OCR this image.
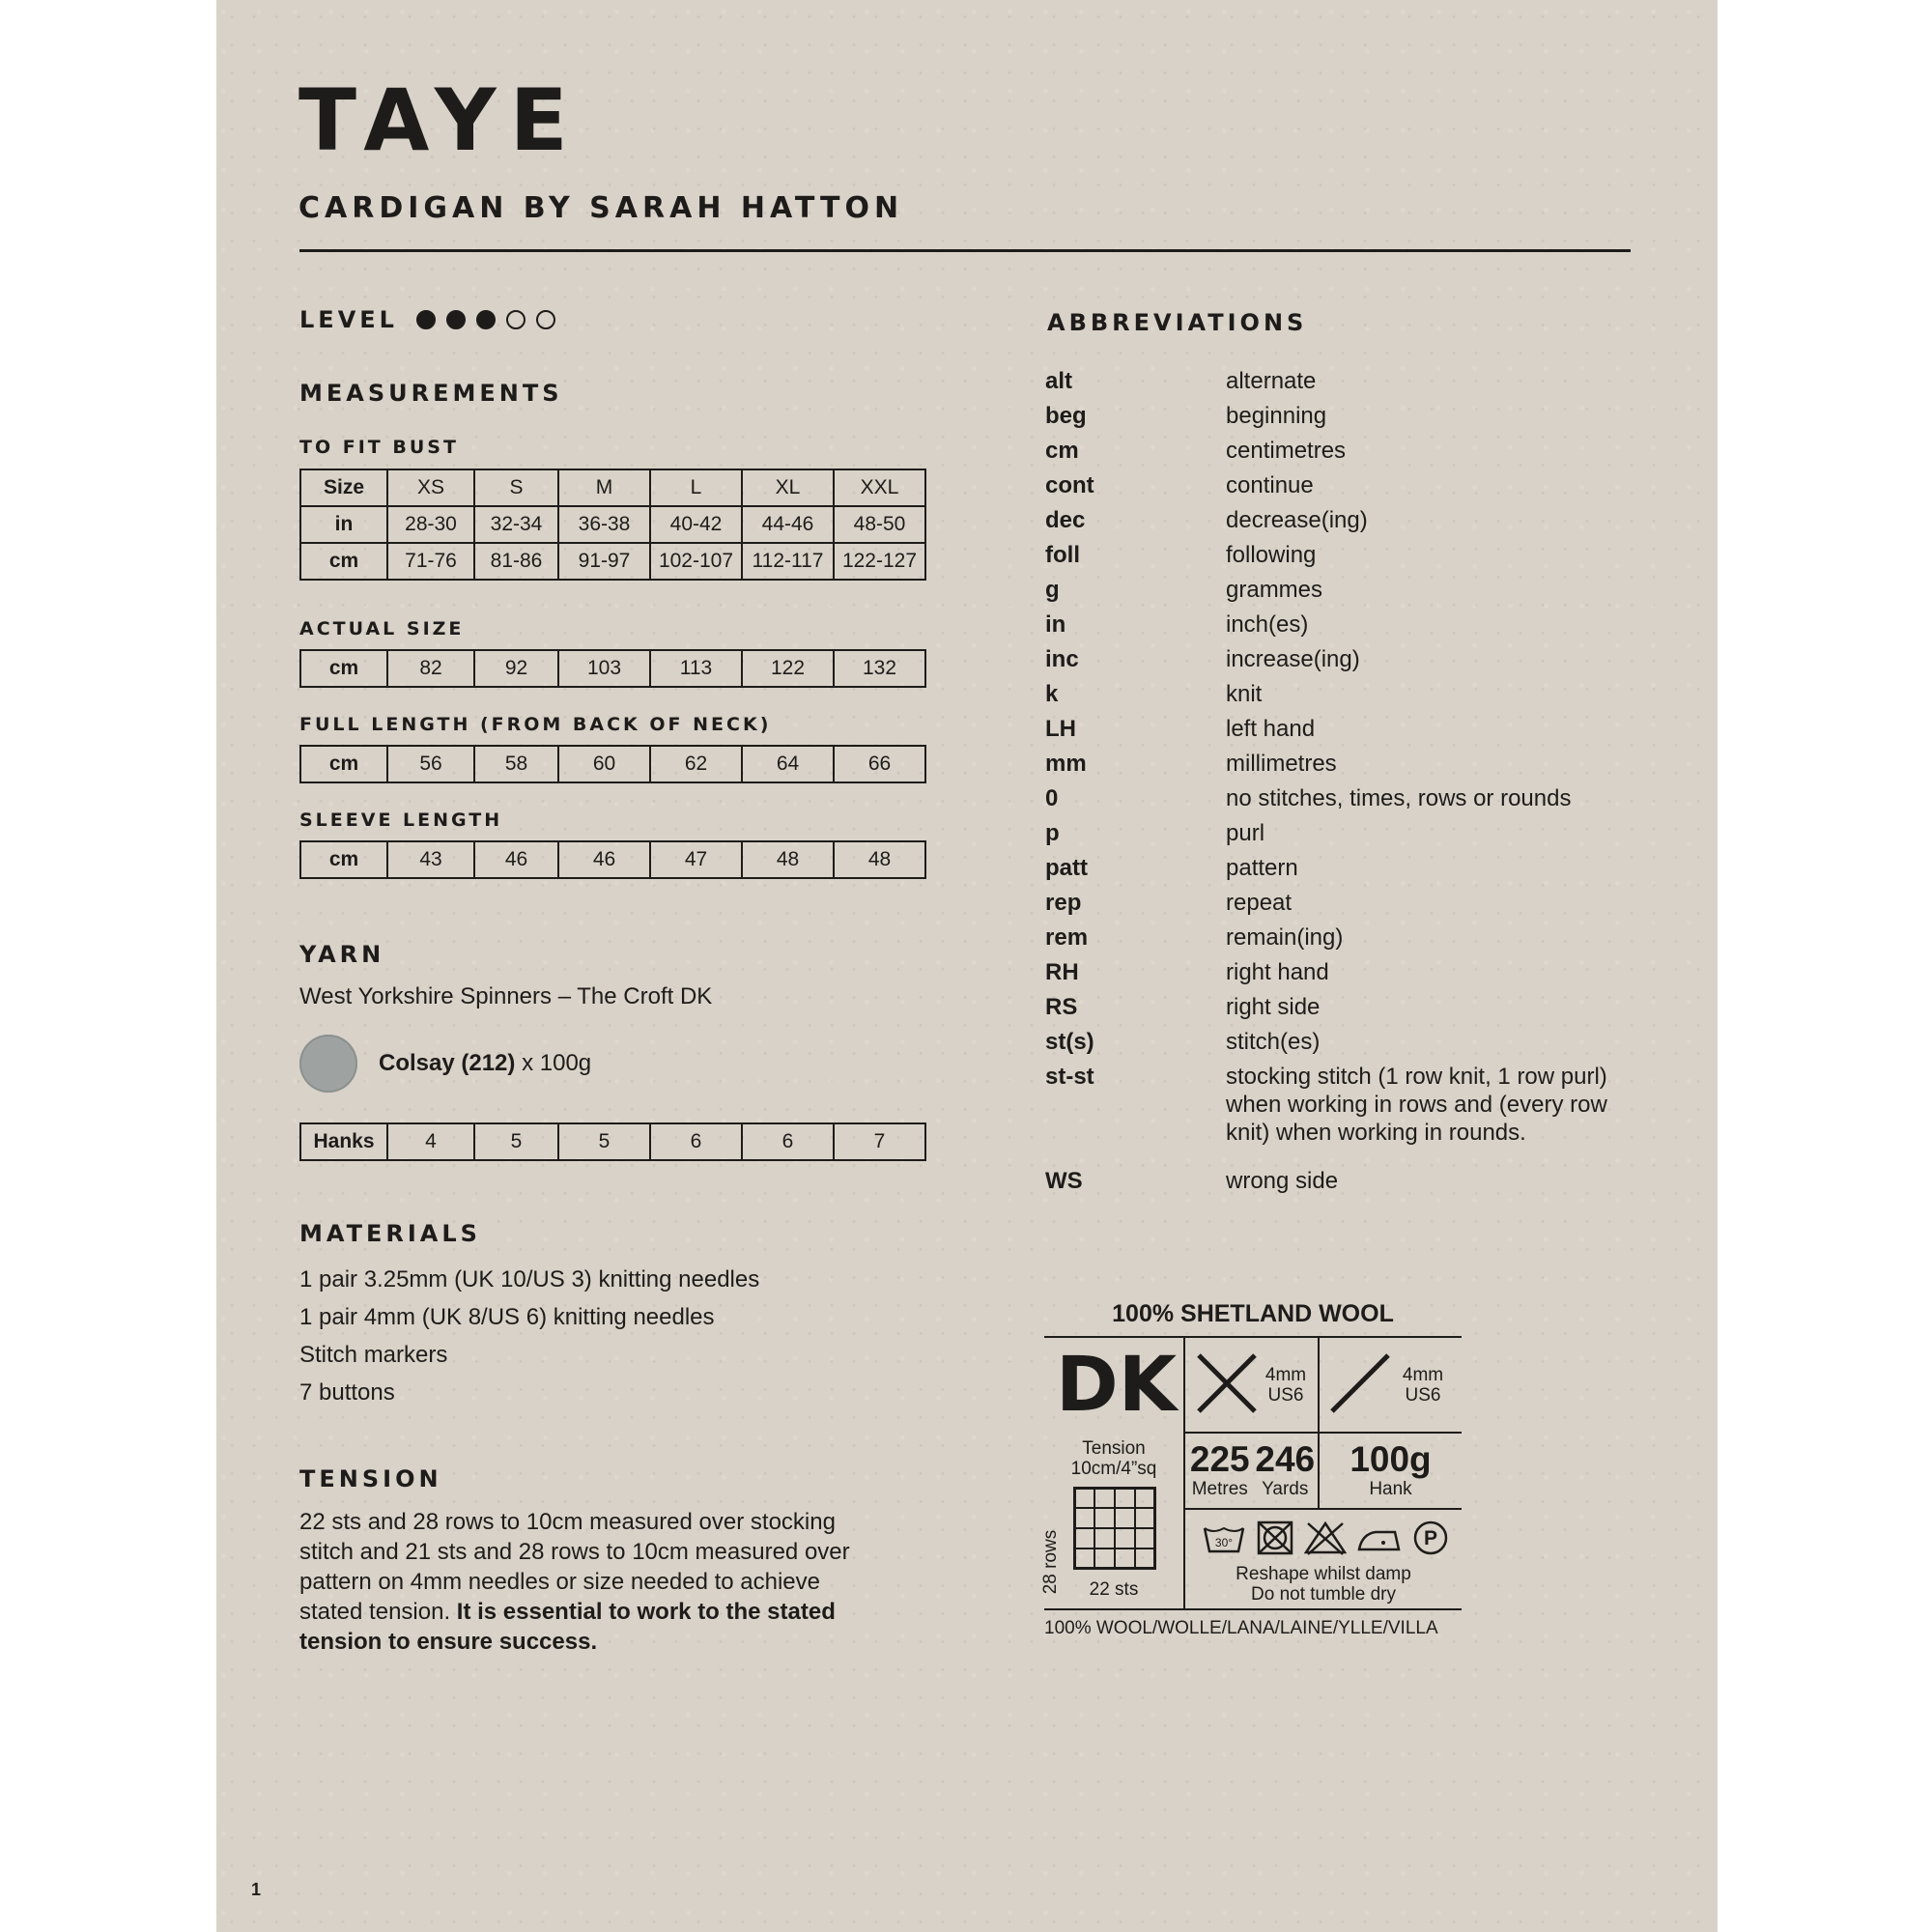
TAYE
CARDIGAN BY SARAH HATTON
LEVEL
MEASUREMENTS
TO FIT BUST
Size	XS	S	M	L	XL	XXL
in	28-30	32-34	36-38	40-42	44-46	48-50
cm	71-76	81-86	91-97	102-107	112-117	122-127
ACTUAL SIZE
cm	82	92	103	113	122	132
FULL LENGTH (FROM BACK OF NECK)
cm	56	58	60	62	64	66
SLEEVE LENGTH
cm	43	46	46	47	48	48
YARN
West Yorkshire Spinners – The Croft DK
Colsay (212) x 100g
Hanks	4	5	5	6	6	7
MATERIALS
1 pair 3.25mm (UK 10/US 3) knitting needles
1 pair 4mm (UK 8/US 6) knitting needles
Stitch markers
7 buttons
TENSION
22 sts and 28 rows to 10cm measured over stocking
stitch and 21 sts and 28 rows to 10cm measured over
pattern on 4mm needles or size needed to achieve
stated tension. It is essential to work to the stated
tension to ensure success.
ABBREVIATIONS
alt	alternate
beg	beginning
cm	centimetres
cont	continue
dec	decrease(ing)
foll	following
g	grammes
in	inch(es)
inc	increase(ing)
k	knit
LH	left hand
mm	millimetres
0	no stitches, times, rows or rounds
p	purl
patt	pattern
rep	repeat
rem	remain(ing)
RH	right hand
RS	right side
st(s)	stitch(es)
st-st	stocking stitch (1 row knit, 1 row purl)
when working in rows and (every row
knit) when working in rounds.
WS	wrong side
100% SHETLAND WOOL
DK	4mm
US6
4mm
US6
Tension
10cm/4”sq
28 rows	22 sts
225
Metres
246
Yards
100g
Hank
30°	P
Reshape whilst damp
Do not tumble dry
100% WOOL/WOLLE/LANA/LAINE/YLLE/VILLA
1
